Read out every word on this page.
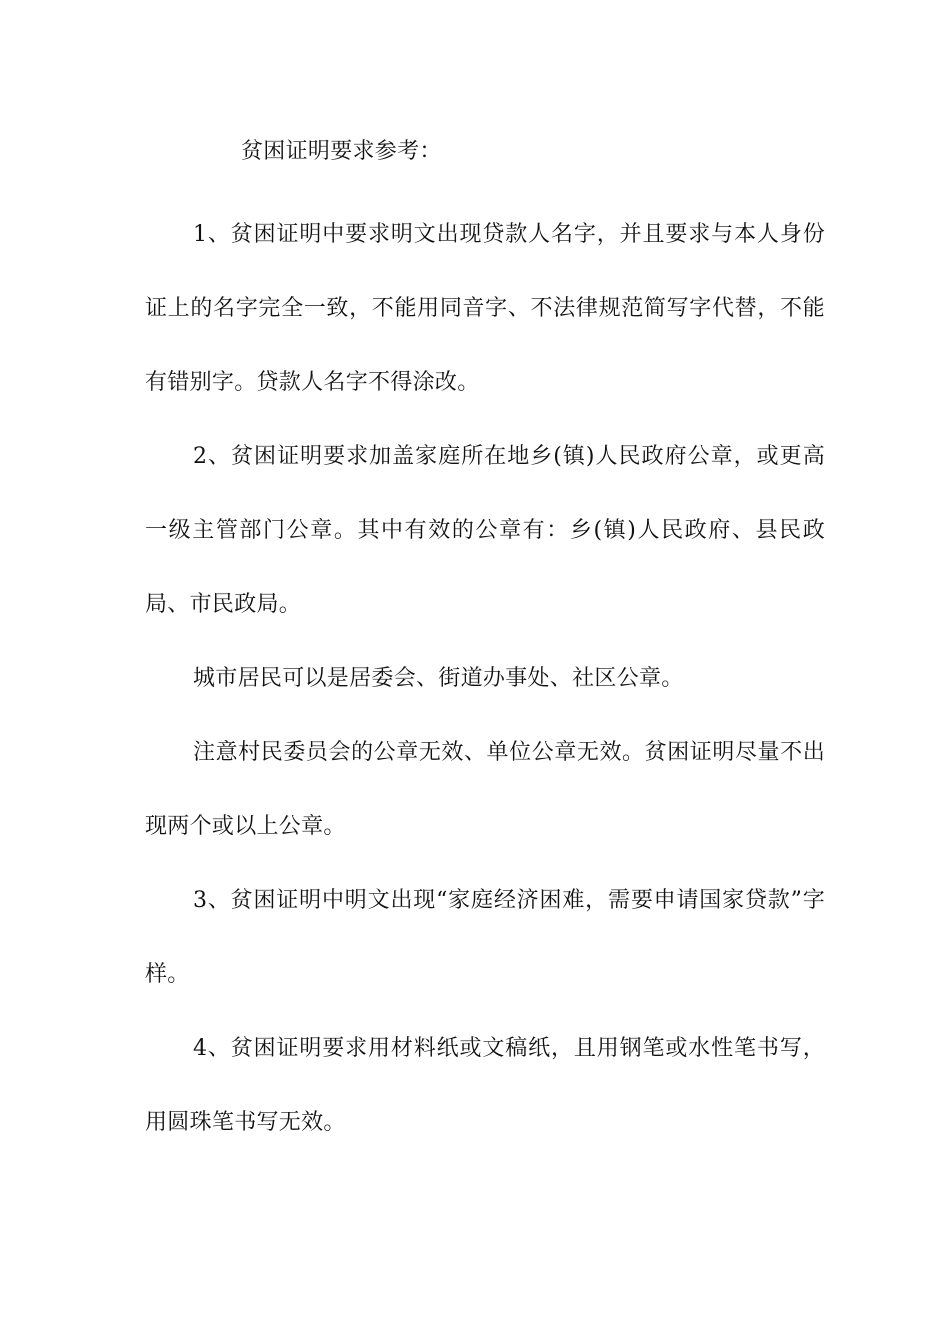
贫困证明要求参考：

1、贫困证明中要求明文出现贷款人名字，并且要求与本人身份证上的名字完全一致，不能用同音字、不法律规范简写字代替，不能有错别字。贷款人名字不得涂改。

2、贫困证明要求加盖家庭所在地乡(镇)人民政府公章，或更高一级主管部门公章。其中有效的公章有：乡(镇)人民政府、县民政局、市民政局。

城市居民可以是居委会、街道办事处、社区公章。

注意村民委员会的公章无效、单位公章无效。贫困证明尽量不出现两个或以上公章。

3、贫困证明中明文出现“家庭经济困难，需要申请国家贷款”字样。

4、贫困证明要求用材料纸或文稿纸，且用钢笔或水性笔书写，用圆珠笔书写无效。
